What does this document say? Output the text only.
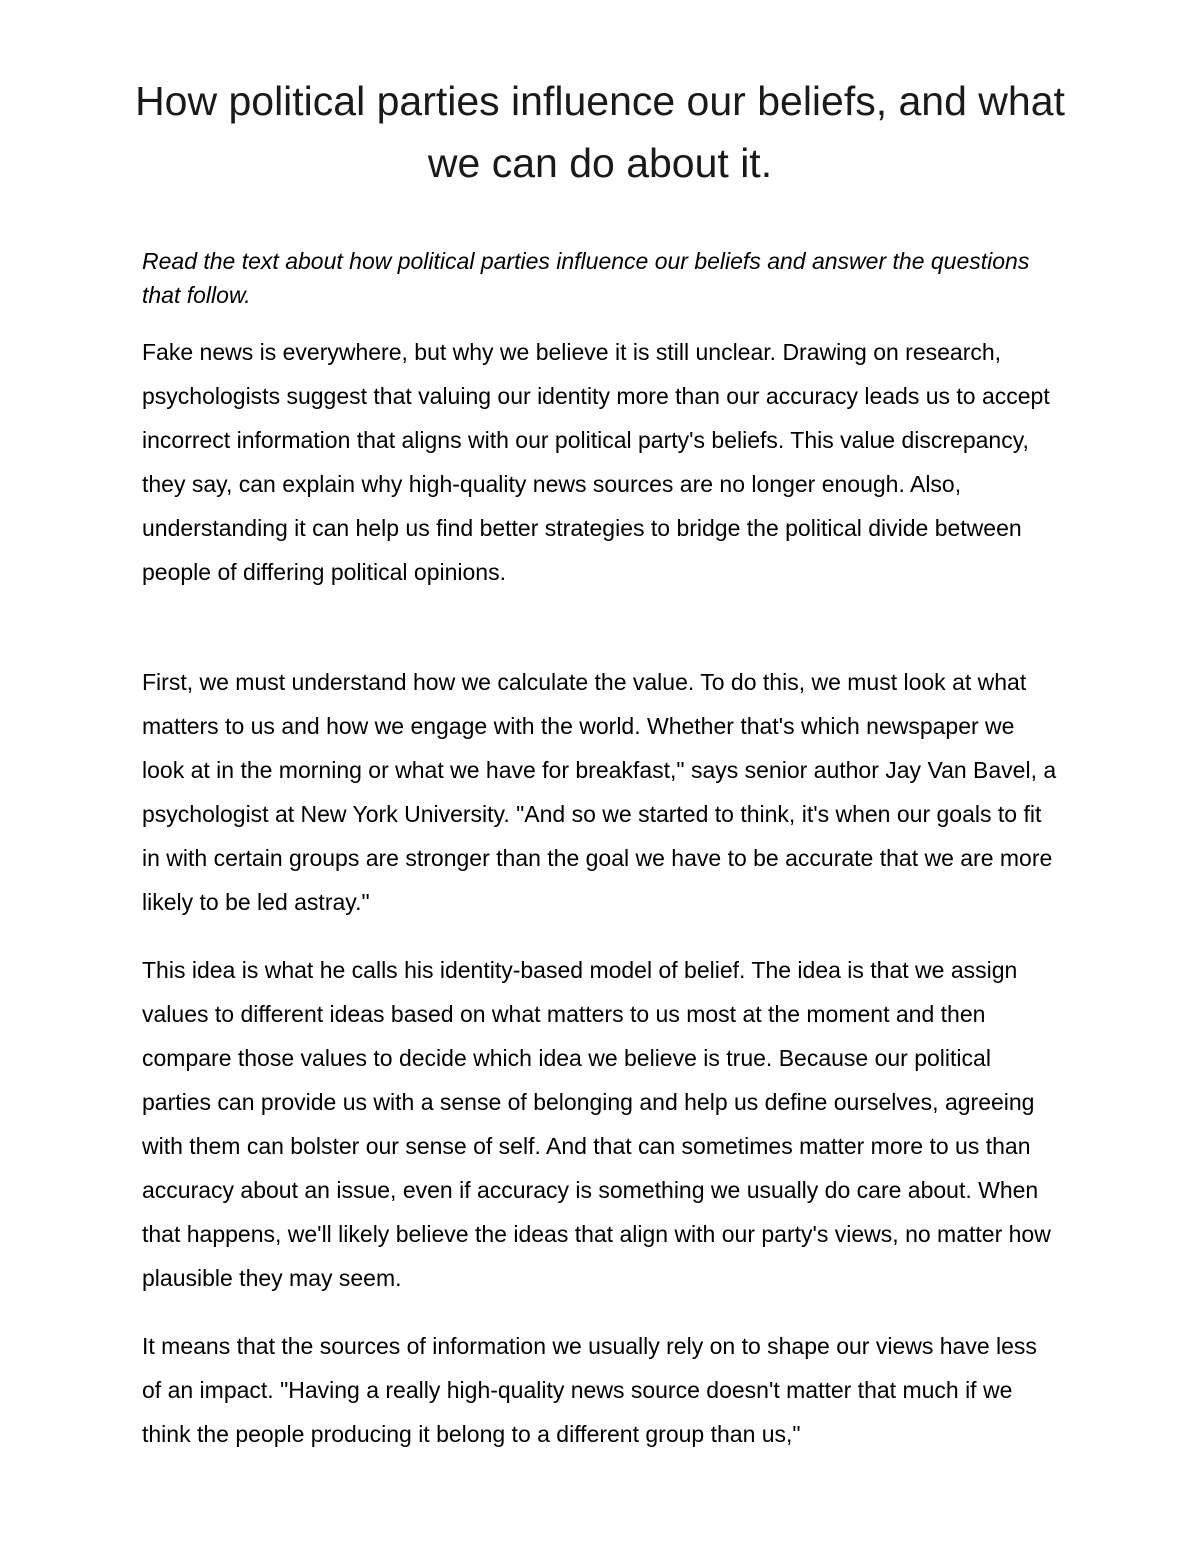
How political parties influence our beliefs, and what we can do about it.

Read the text about how political parties influence our beliefs and answer the questions that follow.

Fake news is everywhere, but why we believe it is still unclear. Drawing on research, psychologists suggest that valuing our identity more than our accuracy leads us to accept incorrect information that aligns with our political party's beliefs. This value discrepancy, they say, can explain why high-quality news sources are no longer enough. Also, understanding it can help us find better strategies to bridge the political divide between people of differing political opinions.

First, we must understand how we calculate the value. To do this, we must look at what matters to us and how we engage with the world. Whether that's which newspaper we look at in the morning or what we have for breakfast," says senior author Jay Van Bavel, a psychologist at New York University. "And so we started to think, it's when our goals to fit in with certain groups are stronger than the goal we have to be accurate that we are more likely to be led astray."

This idea is what he calls his identity-based model of belief. The idea is that we assign values to different ideas based on what matters to us most at the moment and then compare those values to decide which idea we believe is true. Because our political parties can provide us with a sense of belonging and help us define ourselves, agreeing with them can bolster our sense of self. And that can sometimes matter more to us than accuracy about an issue, even if accuracy is something we usually do care about. When that happens, we'll likely believe the ideas that align with our party's views, no matter how plausible they may seem.

It means that the sources of information we usually rely on to shape our views have less of an impact. "Having a really high-quality news source doesn't matter that much if we think the people producing it belong to a different group than us,"
